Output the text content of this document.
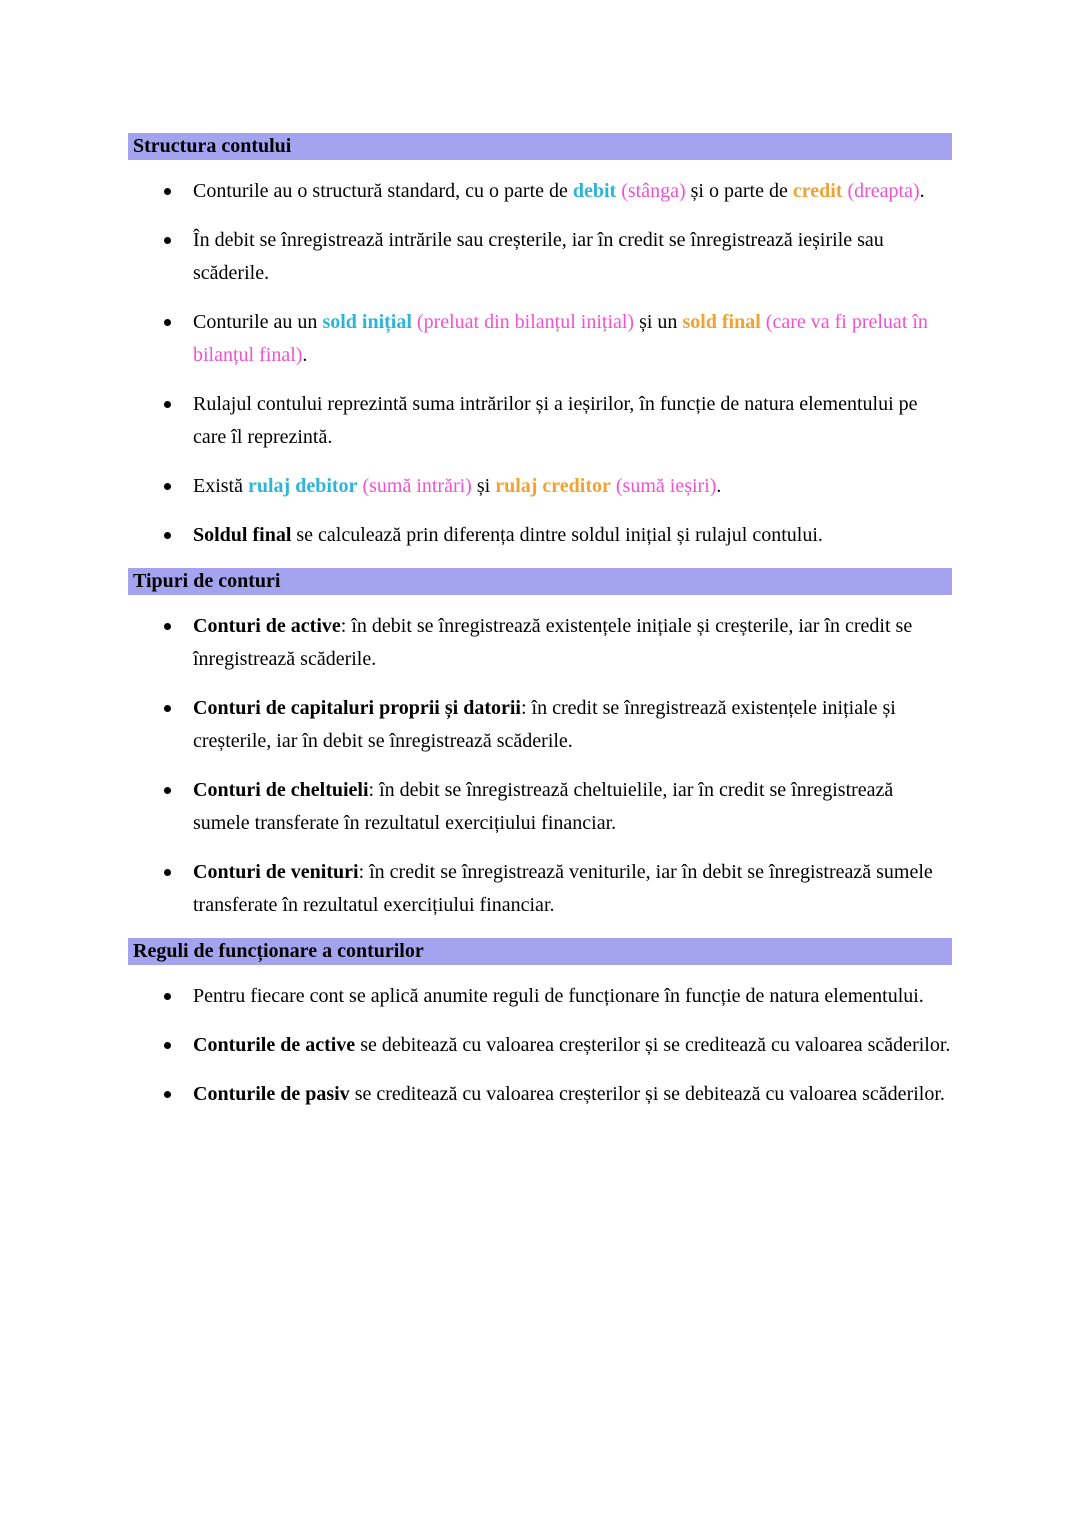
Structura contului
Conturile au o structură standard, cu o parte de debit (stânga) și o parte de credit (dreapta).
În debit se înregistrează intrările sau creșterile, iar în credit se înregistrează ieșirile sau scăderile.
Conturile au un sold inițial (preluat din bilanțul inițial) și un sold final (care va fi preluat în bilanțul final).
Rulajul contului reprezintă suma intrărilor și a ieșirilor, în funcție de natura elementului pe care îl reprezintă.
Există rulaj debitor (sumă intrări) și rulaj creditor (sumă ieșiri).
Soldul final se calculează prin diferența dintre soldul inițial și rulajul contului.
Tipuri de conturi
Conturi de active: în debit se înregistrează existențele inițiale și creșterile, iar în credit se înregistrează scăderile.
Conturi de capitaluri proprii și datorii: în credit se înregistrează existențele inițiale și creșterile, iar în debit se înregistrează scăderile.
Conturi de cheltuieli: în debit se înregistrează cheltuielile, iar în credit se înregistrează sumele transferate în rezultatul exercițiului financiar.
Conturi de venituri: în credit se înregistrează veniturile, iar în debit se înregistrează sumele transferate în rezultatul exercițiului financiar.
Reguli de funcționare a conturilor
Pentru fiecare cont se aplică anumite reguli de funcționare în funcție de natura elementului.
Conturile de active se debitează cu valoarea creșterilor și se creditează cu valoarea scăderilor.
Conturile de pasiv se creditează cu valoarea creșterilor și se debitează cu valoarea scăderilor.
